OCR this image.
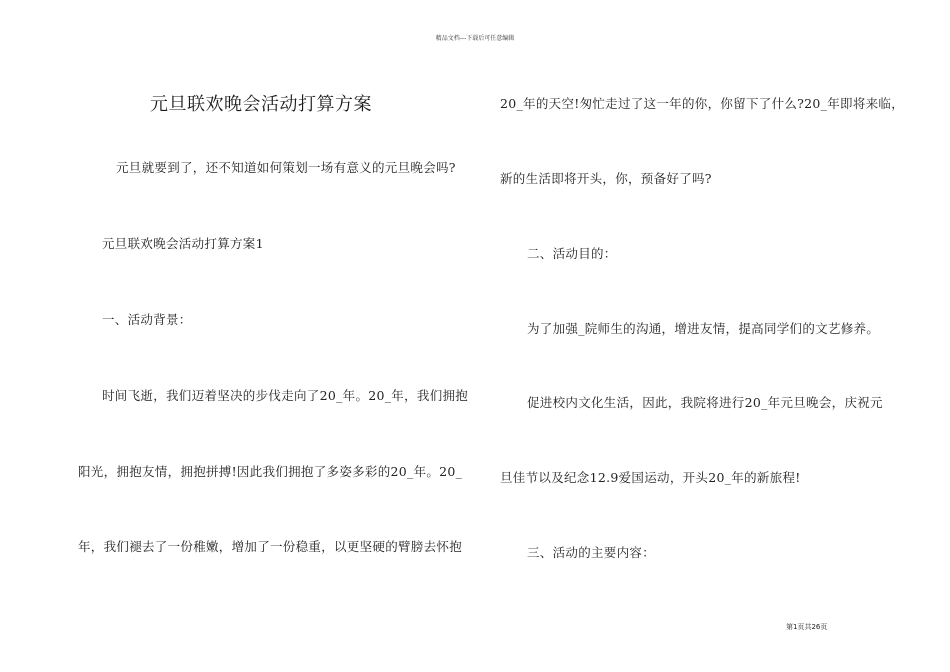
精品文档---下载后可任意编辑
元旦联欢晚会活动打算方案
元旦就要到了，还不知道如何策划一场有意义的元旦晚会吗?
元旦联欢晚会活动打算方案1
一、活动背景：
时间飞逝，我们迈着坚决的步伐走向了20_年。20_年，我们拥抱
阳光，拥抱友情，拥抱拼搏!因此我们拥抱了多姿多彩的20_年。20_
年，我们褪去了一份稚嫩，增加了一份稳重，以更坚硬的臂膀去怀抱
20_年的天空!匆忙走过了这一年的你，你留下了什么?20_年即将来临，
新的生活即将开头，你，预备好了吗?
二、活动目的：
为了加强_院师生的沟通，增进友情，提高同学们的文艺修养。
促进校内文化生活，因此，我院将进行20_年元旦晚会，庆祝元
旦佳节以及纪念12.9爱国运动，开头20_年的新旅程!
三、活动的主要内容：
第1页共26页
